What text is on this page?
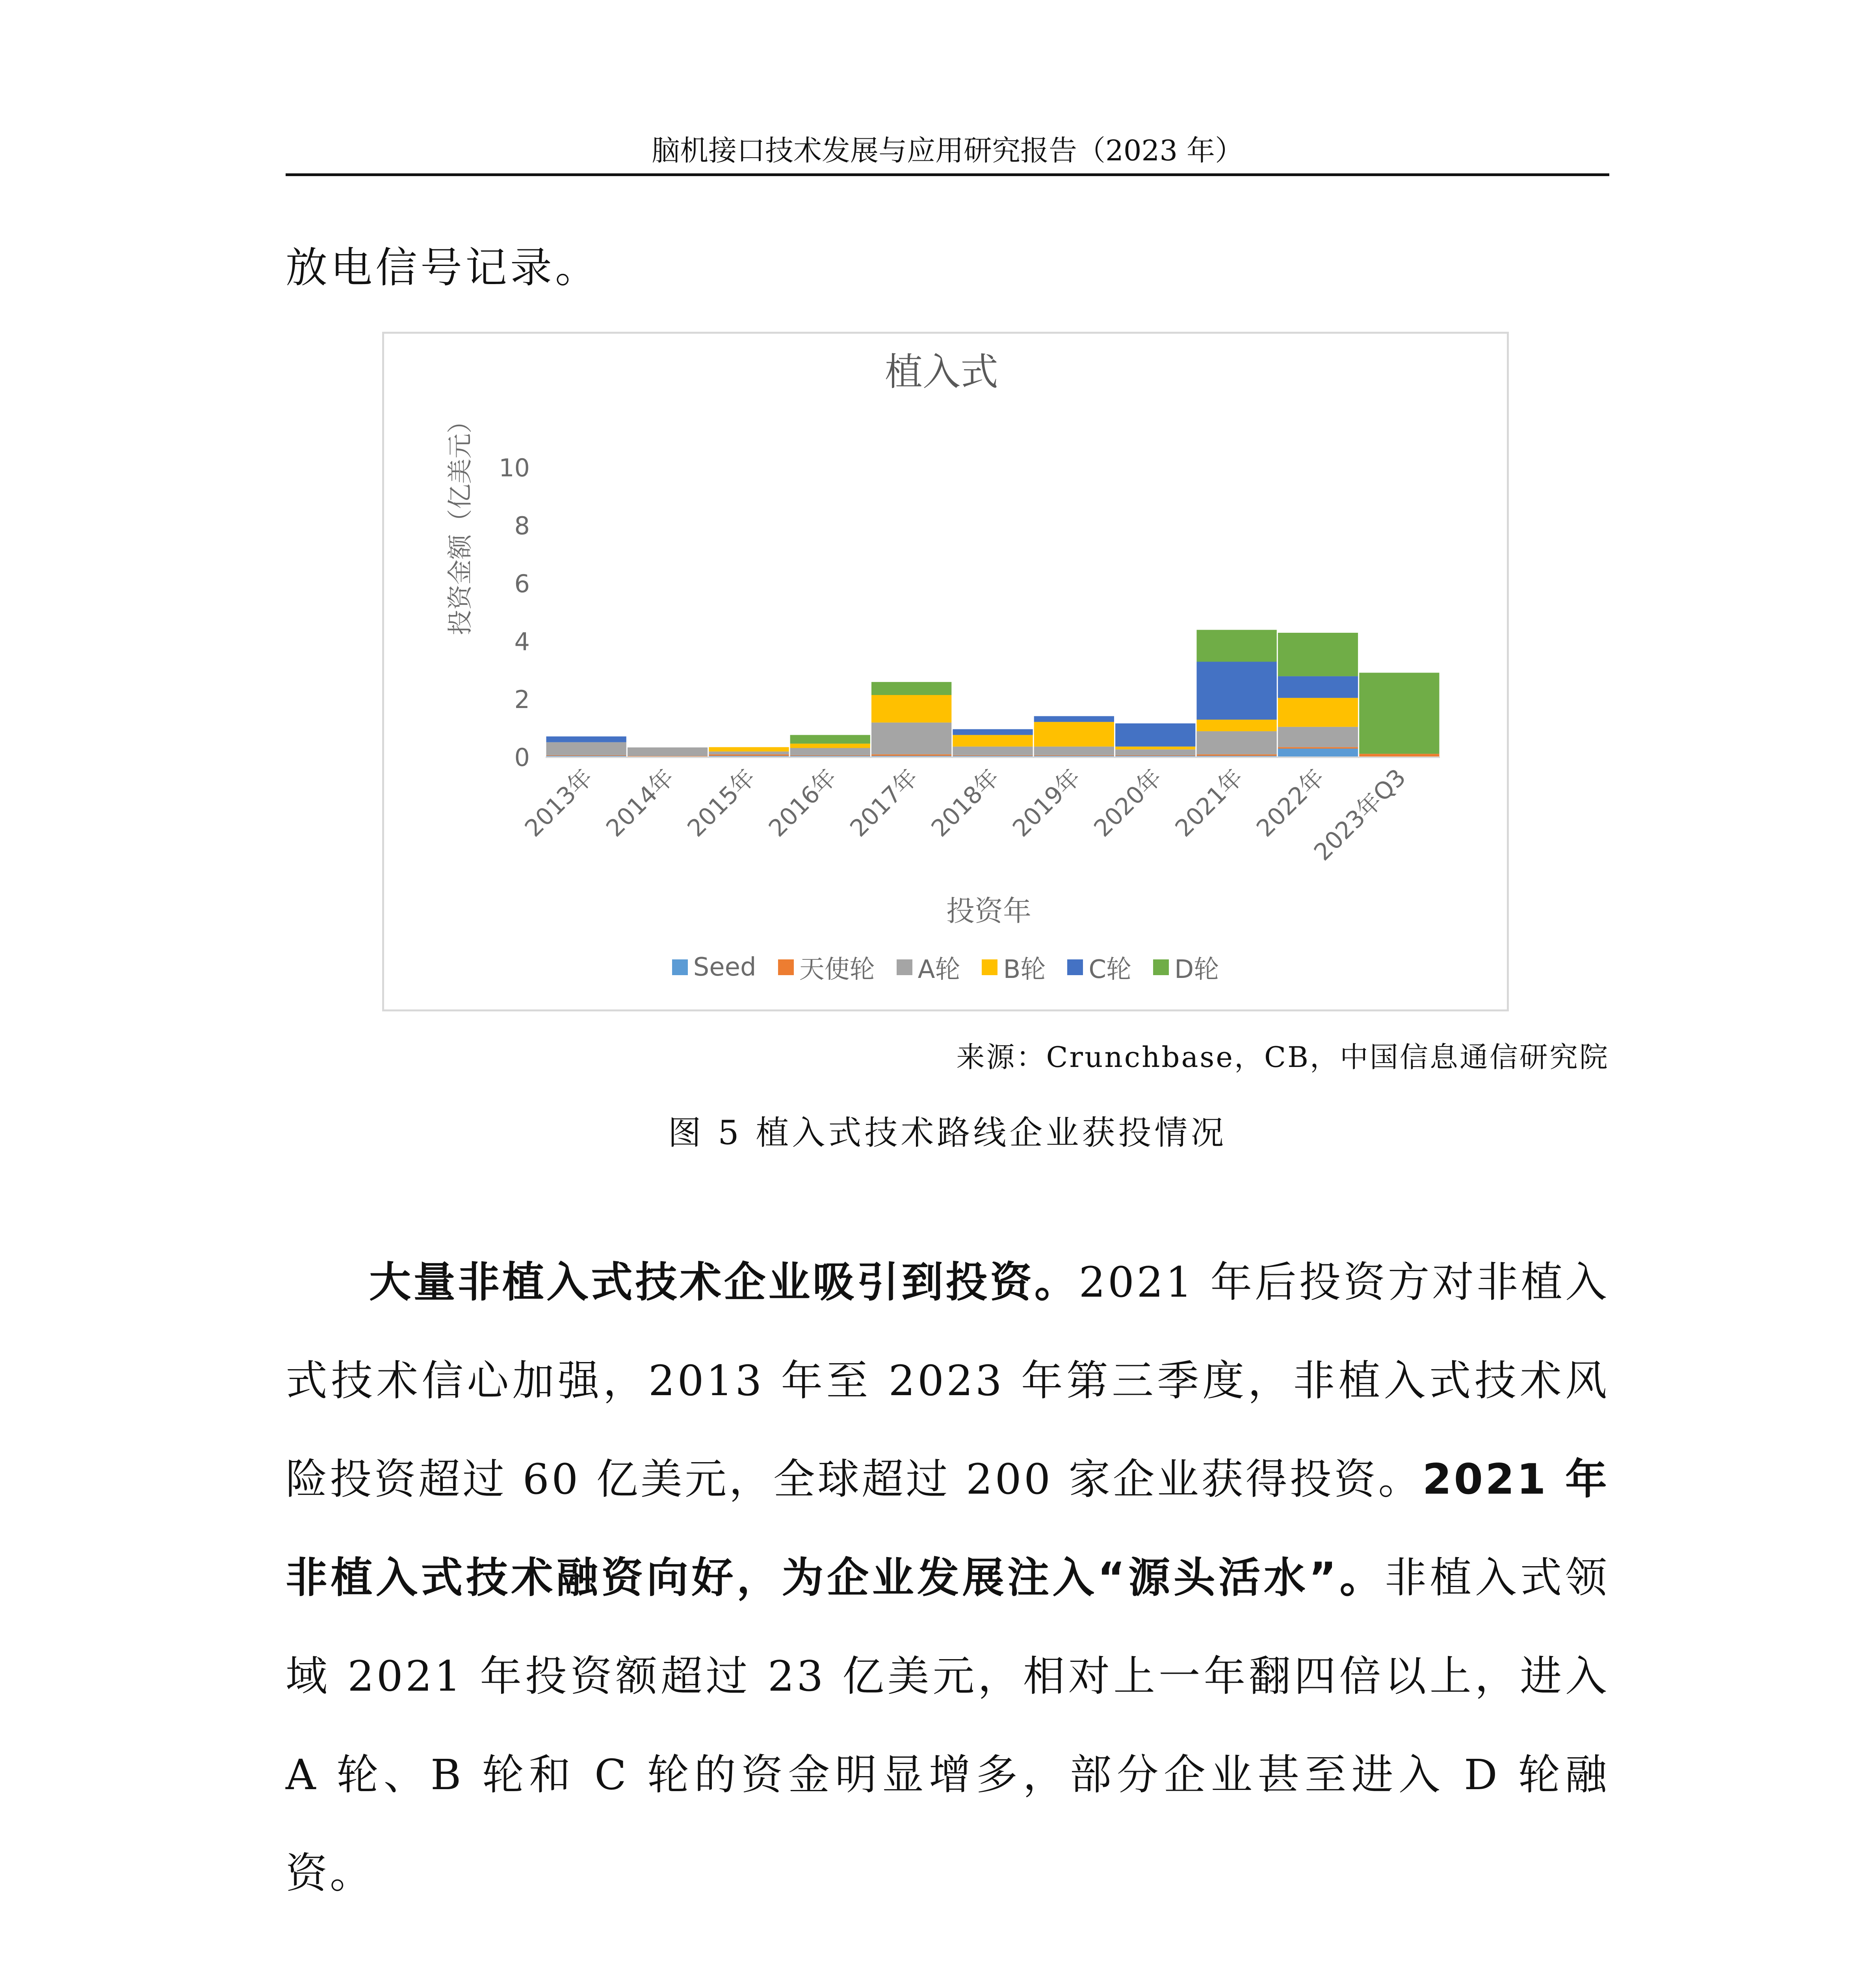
脑机接口技术发展与应用研究报告（2023 年）
放电信号记录。
植入式
投资金额（亿美元）
投资年
0
2
4
6
8
10
2013年 2014年 2015年 2016年 2017年 2018年 2019年 2020年 2021年 2022年
2023年Q3
Seed 天使轮 A轮 B轮 C轮 D轮
来源：Crunchbase，CB，中国信息通信研究院
图 5 植入式技术路线企业获投情况

大量非植入式技术企业吸引到投资。2021 年后投资方对非植入式技术信心加强，2013 年至 2023 年第三季度，非植入式技术风险投资超过 60 亿美元，全球超过 200 家企业获得投资。2021 年非植入式技术融资向好，为企业发展注入“源头活水”。非植入式领域 2021 年投资额超过 23 亿美元，相对上一年翻四倍以上，进入 A 轮、B 轮和 C 轮的资金明显增多，部分企业甚至进入 D 轮融资。
